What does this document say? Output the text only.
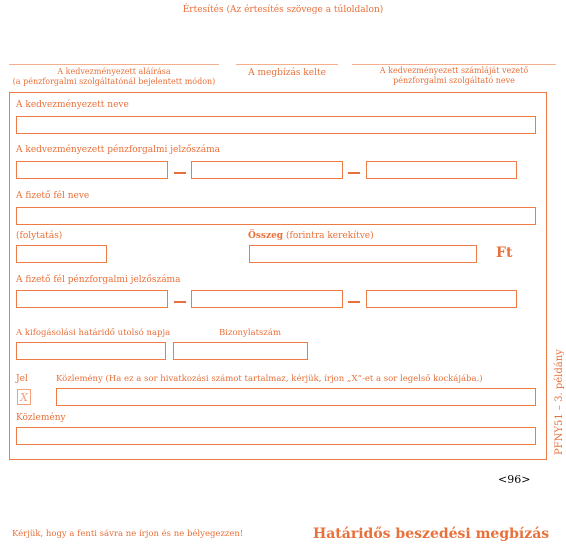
Értesítés (Az értesítés szövege a túloldalon)
A kedvezményezett aláírása
(a pénzforgalmi szolgáltatónál bejelentett módon)
A megbízás kelte	A kedvezményezett számláját vezető
pénzforgalmi szolgáltató neve
A kedvezményezett neve
A kedvezményezett pénzforgalmi jelzőszáma
A fizető fél neve
(folytatás)	Összeg (forintra kerekítve)
Ft
A fizető fél pénzforgalmi jelzőszáma
A kifogásolási határidő utolsó napja	Bizonylatszám
Jel	Közlemény (Ha ez a sor hivatkozási számot tartalmaz, kérjük, írjon „X”-et a sor legelső kockájába.)
X
Közlemény	PFNY51 – 3. példány
<96>
Kérjük, hogy a fenti sávra ne írjon és ne bélyegezzen!	Határidős beszedési megbízás
